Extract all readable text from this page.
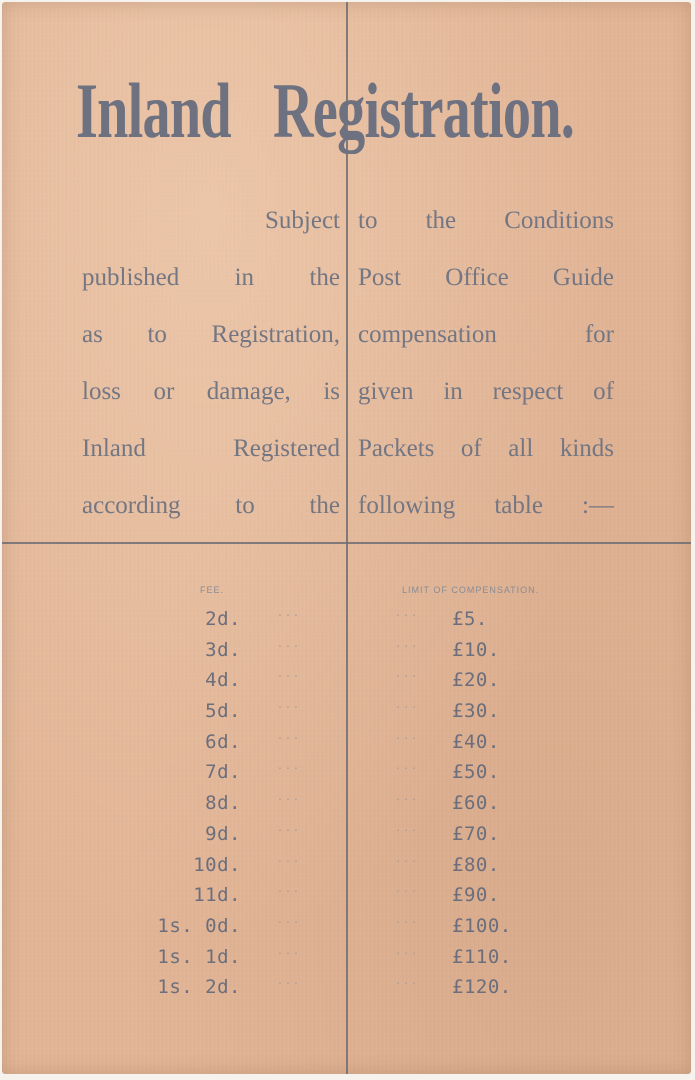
Inland Registration.
Subject
published in the
as to Registration,
loss or damage, is
Inland Registered
according to the
to the Conditions
Post Office Guide
compensation for
given in respect of
Packets of all kinds
following table :—
FEE.	LIMIT OF COMPENSATION.
2d.	...	... £5.
3d.	...	... £10.
4d.	...	... £20.
5d.	...	... £30.
6d.	...	... £40.
7d.	...	... £50.
8d.	...	... £60.
9d.	...	... £70.
10d.	...	... £80.
11d.	...	... £90.
1s. 0d.	...	... £100.
1s. 1d.	...	... £110.
1s. 2d.	...	... £120.
